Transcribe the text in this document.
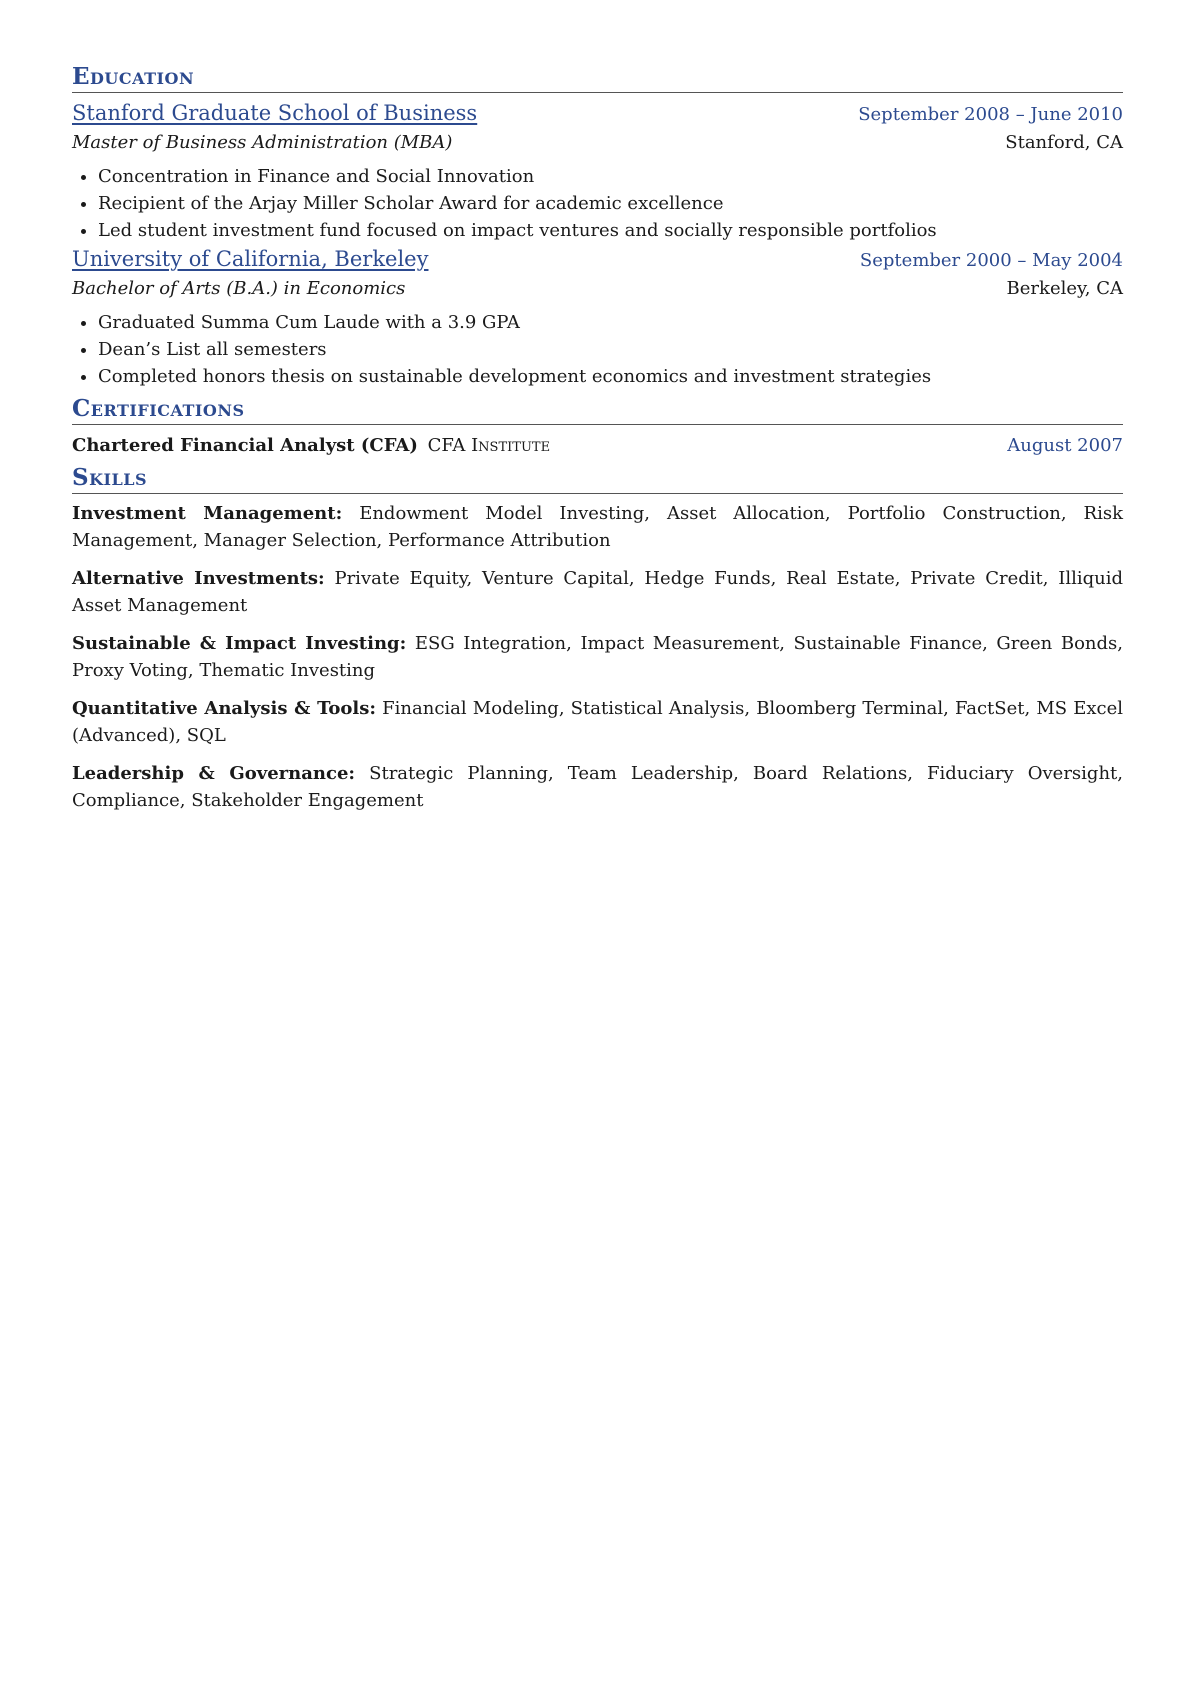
Education
Stanford Graduate School of Business	September 2008 – June 2010
Master of Business Administration (MBA)	Stanford, CA
• Concentration in Finance and Social Innovation
• Recipient of the Arjay Miller Scholar Award for academic excellence
• Led student investment fund focused on impact ventures and socially responsible portfolios
University of California, Berkeley	September 2000 – May 2004
Bachelor of Arts (B.A.) in Economics	Berkeley, CA
• Graduated Summa Cum Laude with a 3.9 GPA
• Dean’s List all semesters
• Completed honors thesis on sustainable development economics and investment strategies
Certifications
Chartered Financial Analyst (CFA) CFA Institute	August 2007
Skills

Investment Management: Endowment Model Investing, Asset Allocation, Portfolio Construction, Risk Management, Manager Selection, Performance Attribution

Alternative Investments: Private Equity, Venture Capital, Hedge Funds, Real Estate, Private Credit, Illiquid Asset Management

Sustainable & Impact Investing: ESG Integration, Impact Measurement, Sustainable Finance, Green Bonds, Proxy Voting, Thematic Investing

Quantitative Analysis & Tools: Financial Modeling, Statistical Analysis, Bloomberg Terminal, FactSet, MS Excel (Advanced), SQL

Leadership & Governance: Strategic Planning, Team Leadership, Board Relations, Fiduciary Oversight, Compliance, Stakeholder Engagement
